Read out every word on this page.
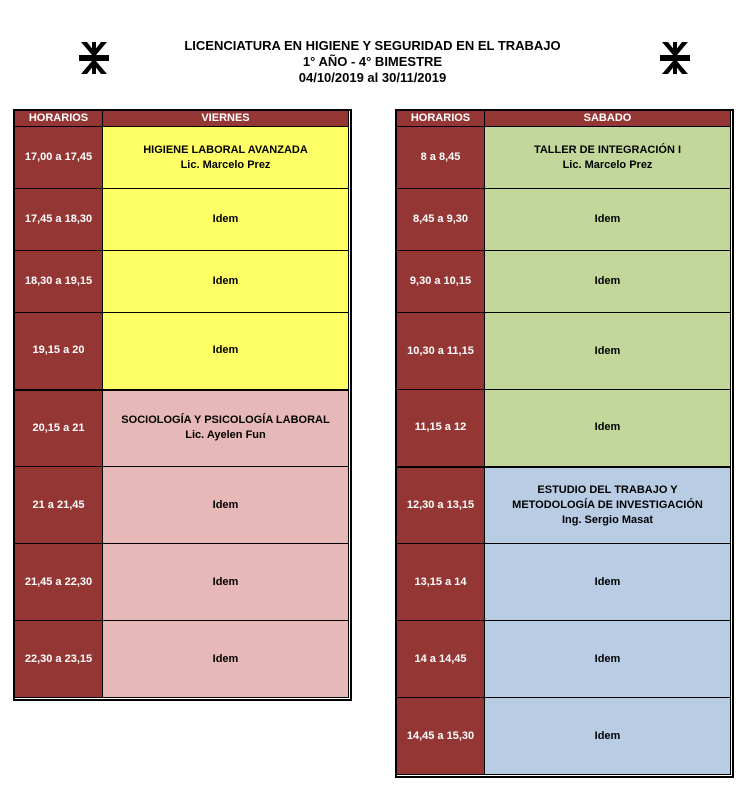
LICENCIATURA EN HIGIENE Y SEGURIDAD EN EL TRABAJO
1° AÑO - 4° BIMESTRE
04/10/2019 al 30/11/2019
HORARIOS	VIERNES
17,00 a 17,45	HIGIENE LABORAL AVANZADA
Lic. Marcelo Prez

17,45 a 18,30	Idem
18,30 a 19,15	Idem
19,15 a 20	Idem
20,15 a 21	SOCIOLOGÍA Y PSICOLOGÍA LABORAL
Lic. Ayelen Fun

21 a 21,45	Idem
21,45 a 22,30	Idem
22,30 a 23,15	Idem
HORARIOS	SABADO
8 a 8,45	TALLER DE INTEGRACIÓN I
Lic. Marcelo Prez

8,45 a 9,30	Idem
9,30 a 10,15	Idem
10,30 a 11,15	Idem
11,15 a 12	Idem
12,30 a 13,15	ESTUDIO DEL TRABAJO Y
METODOLOGÍA DE INVESTIGACIÓN
Ing. Sergio Masat

13,15 a 14	Idem
14 a 14,45	Idem
14,45 a 15,30	Idem
